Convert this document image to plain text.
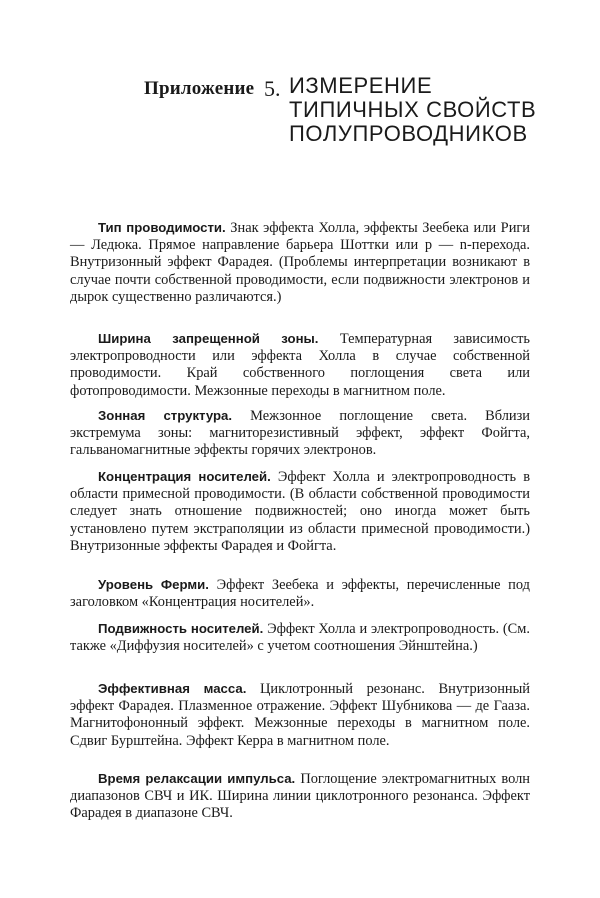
Приложение 5. ИЗМЕРЕНИЕ
ТИПИЧНЫХ СВОЙСТВ
ПОЛУПРОВОДНИКОВ
Тип проводимости. Знак эффекта Холла, эффекты Зеебека или Риги — Ледюка. Прямое направление барьера Шоттки или p — n-перехода. Внутризонный эффект Фарадея. (Проблемы интерпретации возникают в случае почти собственной проводимости, если подвижности электронов и дырок существенно различаются.)
Ширина запрещенной зоны. Температурная зависимость электропроводности или эффекта Холла в случае собственной проводимости. Край собственного поглощения света или фотопроводимости. Межзонные переходы в магнитном поле.
Зонная структура. Межзонное поглощение света. Вблизи экстремума зоны: магниторезистивный эффект, эффект Фойгта, гальваномагнитные эффекты горячих электронов.
Концентрация носителей. Эффект Холла и электропроводность в области примесной проводимости. (В области собственной проводимости следует знать отношение подвижностей; оно иногда может быть установлено путем экстраполяции из области примесной проводимости.) Внутризонные эффекты Фарадея и Фойгта.
Уровень Ферми. Эффект Зеебека и эффекты, перечисленные под заголовком «Концентрация носителей».
Подвижность носителей. Эффект Холла и электропроводность. (См. также «Диффузия носителей» с учетом соотношения Эйнштейна.)
Эффективная масса. Циклотронный резонанс. Внутризонный эффект Фарадея. Плазменное отражение. Эффект Шубникова — де Гааза. Магнитофононный эффект. Межзонные переходы в магнитном поле. Сдвиг Бурштейна. Эффект Керра в магнитном поле.
Время релаксации импульса. Поглощение электромагнитных волн диапазонов СВЧ и ИК. Ширина линии циклотронного резонанса. Эффект Фарадея в диапазоне СВЧ.
